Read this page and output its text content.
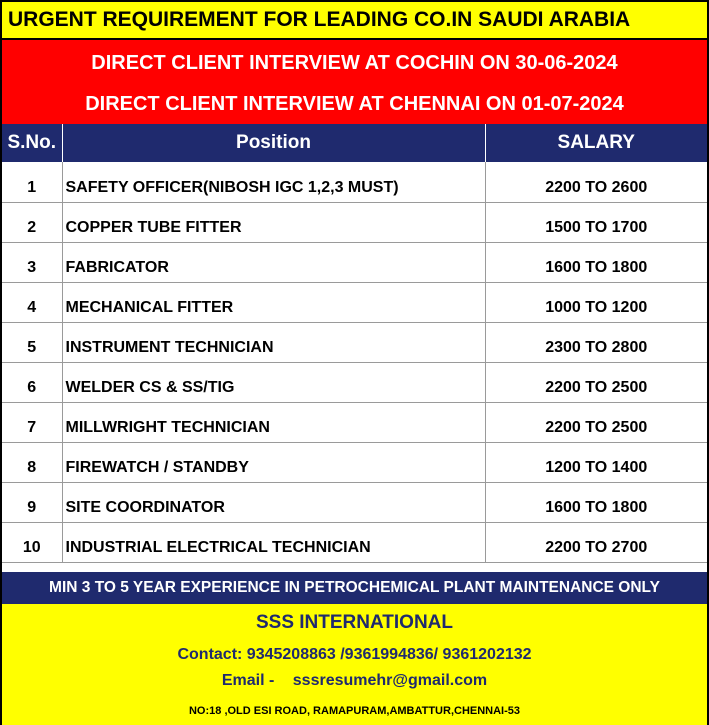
URGENT REQUIREMENT FOR LEADING CO.IN SAUDI ARABIA
DIRECT CLIENT INTERVIEW AT COCHIN ON 30-06-2024
DIRECT CLIENT INTERVIEW AT CHENNAI ON 01-07-2024
S.No.	Position	SALARY
1	SAFETY OFFICER(NIBOSH IGC 1,2,3 MUST)	2200 TO 2600
2	COPPER TUBE FITTER	1500 TO 1700
3	FABRICATOR	1600 TO 1800
4	MECHANICAL FITTER	1000 TO 1200
5	INSTRUMENT TECHNICIAN	2300 TO 2800
6	WELDER CS & SS/TIG	2200 TO 2500
7	MILLWRIGHT TECHNICIAN	2200 TO 2500
8	FIREWATCH / STANDBY	1200 TO 1400
9	SITE COORDINATOR	1600 TO 1800
10	INDUSTRIAL ELECTRICAL TECHNICIAN	2200 TO 2700
MIN 3 TO 5 YEAR EXPERIENCE IN PETROCHEMICAL PLANT MAINTENANCE ONLY
SSS INTERNATIONAL
Contact: 9345208863 /9361994836/ 9361202132
Email - sssresumehr@gmail.com
NO:18 ,OLD ESI ROAD, RAMAPURAM,AMBATTUR,CHENNAI-53
